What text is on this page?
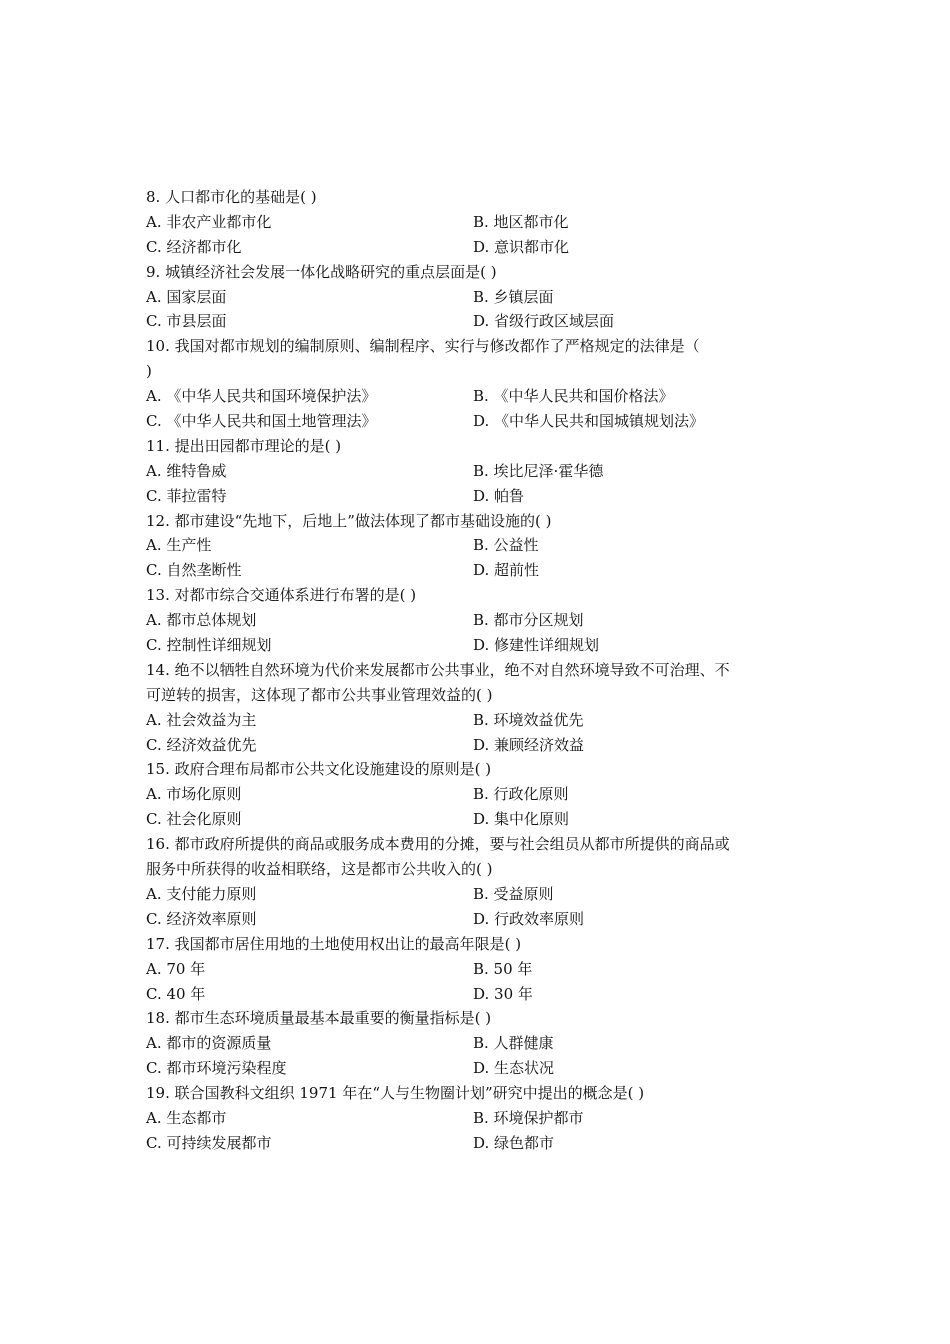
8. 人口都市化的基础是( )
A. 非农产业都市化	B. 地区都市化
C. 经济都市化	D. 意识都市化
9. 城镇经济社会发展一体化战略研究的重点层面是( )
A. 国家层面	B. 乡镇层面
C. 市县层面	D. 省级行政区域层面
10. 我国对都市规划的编制原则、编制程序、实行与修改都作了严格规定的法律是（
)
A. 《中华人民共和国环境保护法》	B. 《中华人民共和国价格法》
C. 《中华人民共和国土地管理法》	D. 《中华人民共和国城镇规划法》
11. 提出田园都市理论的是( )
A. 维特鲁威	B. 埃比尼泽·霍华德
C. 菲拉雷特	D. 帕鲁
12. 都市建设“先地下，后地上”做法体现了都市基础设施的( )
A. 生产性	B. 公益性
C. 自然垄断性	D. 超前性
13. 对都市综合交通体系进行布署的是( )
A. 都市总体规划	B. 都市分区规划
C. 控制性详细规划	D. 修建性详细规划
14. 绝不以牺牲自然环境为代价来发展都市公共事业，绝不对自然环境导致不可治理、不
可逆转的损害，这体现了都市公共事业管理效益的( )
A. 社会效益为主	B. 环境效益优先
C. 经济效益优先	D. 兼顾经济效益
15. 政府合理布局都市公共文化设施建设的原则是( )
A. 市场化原则	B. 行政化原则
C. 社会化原则	D. 集中化原则
16. 都市政府所提供的商品或服务成本费用的分摊，要与社会组员从都市所提供的商品或
服务中所获得的收益相联络，这是都市公共收入的( )
A. 支付能力原则	B. 受益原则
C. 经济效率原则	D. 行政效率原则
17. 我国都市居住用地的土地使用权出让的最高年限是( )
A. 70 年	B. 50 年
C. 40 年	D. 30 年
18. 都市生态环境质量最基本最重要的衡量指标是( )
A. 都市的资源质量	B. 人群健康
C. 都市环境污染程度	D. 生态状况
19. 联合国教科文组织 1971 年在“人与生物圈计划”研究中提出的概念是( )
A. 生态都市	B. 环境保护都市
C. 可持续发展都市	D. 绿色都市
